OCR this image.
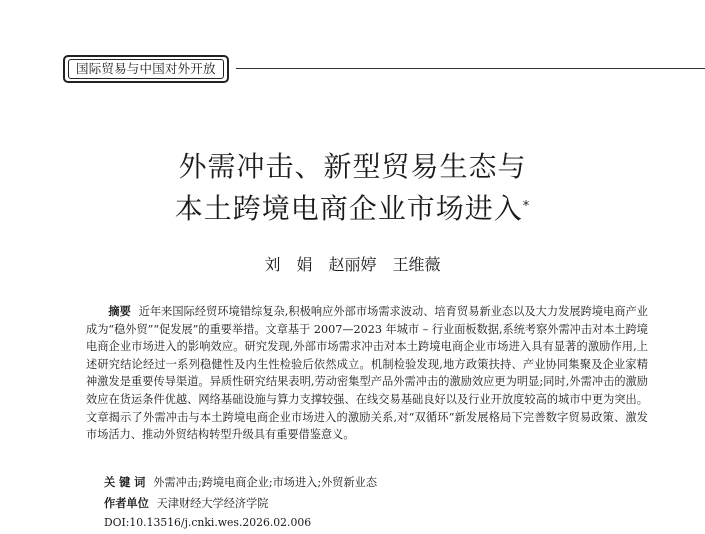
国际贸易与中国对外开放
外需冲击、新型贸易生态与
本土跨境电商企业市场进入*
刘　娟　赵丽婷　王维薇
摘要 近年来国际经贸环境错综复杂,积极响应外部市场需求波动、培育贸易新业态以及大力发展跨境电商产业成为“稳外贸”“促发展”的重要举措。文章基于 2007—2023 年城市 – 行业面板数据,系统考察外需冲击对本土跨境电商企业市场进入的影响效应。研究发现,外部市场需求冲击对本土跨境电商企业市场进入具有显著的激励作用,上述研究结论经过一系列稳健性及内生性检验后依然成立。机制检验发现,地方政策扶持、产业协同集聚及企业家精神激发是重要传导渠道。异质性研究结果表明,劳动密集型产品外需冲击的激励效应更为明显;同时,外需冲击的激励效应在货运条件优越、网络基础设施与算力支撑较强、在线交易基础良好以及行业开放度较高的城市中更为突出。文章揭示了外需冲击与本土跨境电商企业市场进入的激励关系,对“双循环”新发展格局下完善数字贸易政策、激发市场活力、推动外贸结构转型升级具有重要借鉴意义。
关 键 词 外需冲击;跨境电商企业;市场进入;外贸新业态
作者单位 天津财经大学经济学院
DOI:10.13516/j.cnki.wes.2026.02.006
